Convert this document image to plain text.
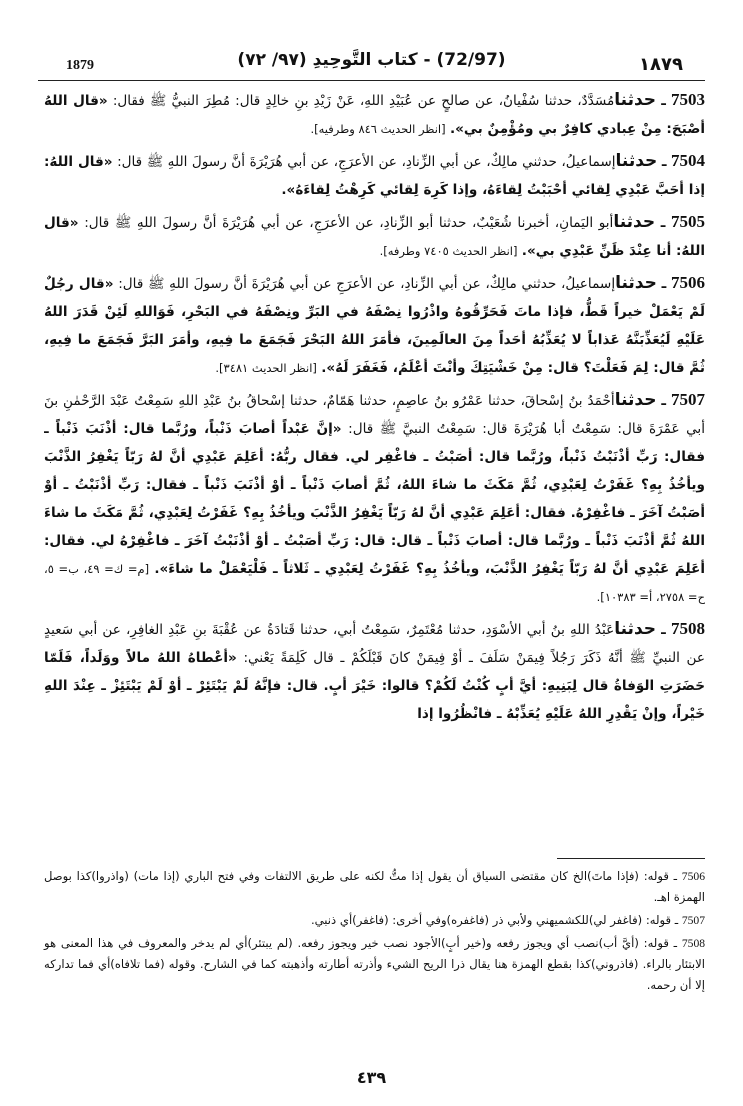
1879	(72/97) - كتاب التَّوحِيدِ (٩٧/ ٧٢)	١٨٧٩

7503 ـ حدثنامُسَدَّدٌ، حدثنا سُفْيانُ، عن صالحٍ عن عُبَيْدِ اللهِ، عَنْ زَيْدِ بنِ خالِدٍ قال: مُطِرَ النبيُّ ﷺ فقال: «قال اللهُ أصْبَحَ: مِنْ عِبادي كافِرٌ بي ومُؤْمِنٌ بي». [انظر الحديث ٨٤٦ وطرفيه].

7504 ـ حدثناإسماعيلُ، حدثني مالِكٌ، عن أبي الزِّنادِ، عن الأعرَجِ، عن أبي هُرَيْرَةَ أنَّ رسولَ اللهِ ﷺ قال: «قال اللهُ: إذا أحَبَّ عَبْدِي لِقائي أحْبَبْتُ لِقاءَهُ، وإذا كَرِهَ لِقائي كَرِهْتُ لِقاءَهُ».

7505 ـ حدثناأبو اليَمانِ، أخبرنا شُعَيْبٌ، حدثنا أبو الزِّنادِ، عن الأعرَجِ، عن أبي هُرَيْرَةَ أنَّ رسولَ اللهِ ﷺ قال: «قال اللهُ: أنا عِنْدَ ظَنِّ عَبْدِي بي». [انظر الحديث ٧٤٠٥ وطرفه].

7506 ـ حدثناإسماعيلُ، حدثني مالِكٌ، عن أبي الزِّنادِ، عن الأعرَجِ عن أبي هُرَيْرَةَ أنَّ رسولَ اللهِ ﷺ قال: «قال رجُلٌ لَمْ يَعْمَلْ خيراً قَطُّ، فإذا ماتَ فَحَرِّقُوهُ واذْرُوا نِصْفَهُ في البَرِّ ونِصْفَهُ في البَحْرِ، فَوَاللهِ لَئِنْ قَدَرَ اللهُ عَلَيْهِ لَيُعَذِّبَنَّهُ عَذاباً لا يُعَذِّبُهُ أحَداً مِنَ العالَمِينَ، فأمَرَ اللهُ البَحْرَ فَجَمَعَ ما فِيهِ، وأمَرَ البَرَّ فَجَمَعَ ما فِيهِ، ثُمَّ قال: لِمَ فَعَلْتَ؟ قال: مِنْ خَشْيَتِكَ وأنْتَ أعْلَمُ، فَغَفَرَ لَهُ». [انظر الحديث ٣٤٨١].

7507 ـ حدثناأحْمَدُ بنُ إسْحاقَ، حدثنا عَمْرُو بنُ عاصِمٍ، حدثنا هَمّامٌ، حدثنا إسْحاقُ بنُ عَبْدِ اللهِ سَمِعْتُ عَبْدَ الرَّحْمٰنِ بنَ أبي عَمْرَةَ قال: سَمِعْتُ أبا هُرَيْرَةَ قال: سَمِعْتُ النبيَّ ﷺ قال: «إنَّ عَبْداً أصابَ ذَنْباً، ورُبَّما قال: أذْنَبَ ذَنْباً ـ فقال: رَبِّ أذْنَبْتُ ذَنْباً، ورُبَّما قال: أصَبْتُ ـ فاغْفِر لي. فقال ربُّهُ: أعَلِمَ عَبْدِي أنَّ لهُ رَبّاً يَغْفِرُ الذَّنْبَ ويأخُذُ بِهِ؟ غَفَرْتُ لِعَبْدِي، ثُمَّ مَكَثَ ما شاءَ اللهُ، ثُمَّ أصابَ ذَنْباً ـ أوْ أذْنَبَ ذَنْباً ـ فقال: رَبِّ أذْنَبْتُ ـ أوْ أصَبْتُ آخَرَ ـ فاغْفِرْهُ. فقال: أعَلِمَ عَبْدِي أنَّ لهُ رَبّاً يَغْفِرُ الذَّنْبَ ويأخُذُ بِهِ؟ غَفَرْتُ لِعَبْدِي، ثُمَّ مَكَثَ ما شاءَ اللهُ ثُمَّ أذْنَبَ ذَنْباً ـ ورُبَّما قال: أصابَ ذَنْباً ـ قال: قال: رَبِّ أصَبْتُ ـ أوْ أذْنَبْتُ آخَرَ ـ فاغْفِرْهُ لي. فقال: أعَلِمَ عَبْدِي أنَّ لهُ رَبّاً يَغْفِرُ الذَّنْبَ، ويأخُذُ بِهِ؟ غَفَرْتُ لِعَبْدِي ـ ثَلاثاً ـ فَلْيَعْمَلْ ما شاءَ». [م= ك= ٤٩، ب= ٥، ح= ٢٧٥٨، أ= ١٠٣٨٣].

7508 ـ حدثناعَبْدُ اللهِ بنُ أبي الأسْوَدِ، حدثنا مُعْتَمِرٌ، سَمِعْتُ أبي، حدثنا قَتادَةُ عن عُقْبَةَ بنِ عَبْدِ الغافِرِ، عن أبي سَعيدٍ عن النبيِّ ﷺ أنَّهُ ذَكَرَ رَجُلاً فِيمَنْ سَلَفَ ـ أوْ فِيمَنْ كانَ قَبْلَكُمْ ـ قال كَلِمَةً يَعْني: «أعْطاهُ اللهُ مالاً ووَلَداً، فَلَمّا حَضَرَتِ الوَفاةُ قال لِبَنِيهِ: أيَّ أبٍ كُنْتُ لَكُمْ؟ قالوا: خَيْرَ أبٍ. قال: فإنَّهُ لَمْ يَبْتَئِرْ ـ أوْ لَمْ يَبْتَئِزْ ـ عِنْدَ اللهِ خَيْراً، وإنْ يَقْدِرِ اللهُ عَلَيْهِ يُعَذِّبْهُ ـ فانْظُرُوا إذا

7506 ـ قوله: (فإذا ماتَ)الخ كان مقتضى السياق أن يقول إذا متُّ لكنه على طريق الالتفات وفي فتح الباري (إذا مات) (واذروا)كذا بوصل الهمزة اهـ.

7507 ـ قوله: (فاغفر لي)للكشميهني ولأبي ذر (فاغفره)وفي أخرى: (فاغفر)أي ذنبي.

7508 ـ قوله: (أيَّ أب)نصب أي ويجوز رفعه و(خير أبٍ)الأجود نصب خير ويجوز رفعه. (لم يبتئر)أي لم يدخر والمعروف في هذا المعنى هو الابتئار بالراء. (فاذروني)كذا بقطع الهمزة هنا يقال ذرا الريح الشيء وأذرته أطارته وأذهبته كما في الشارح. وقوله (فما تلافاه)أي فما تداركه إلا أن رحمه.

٤٣٩
